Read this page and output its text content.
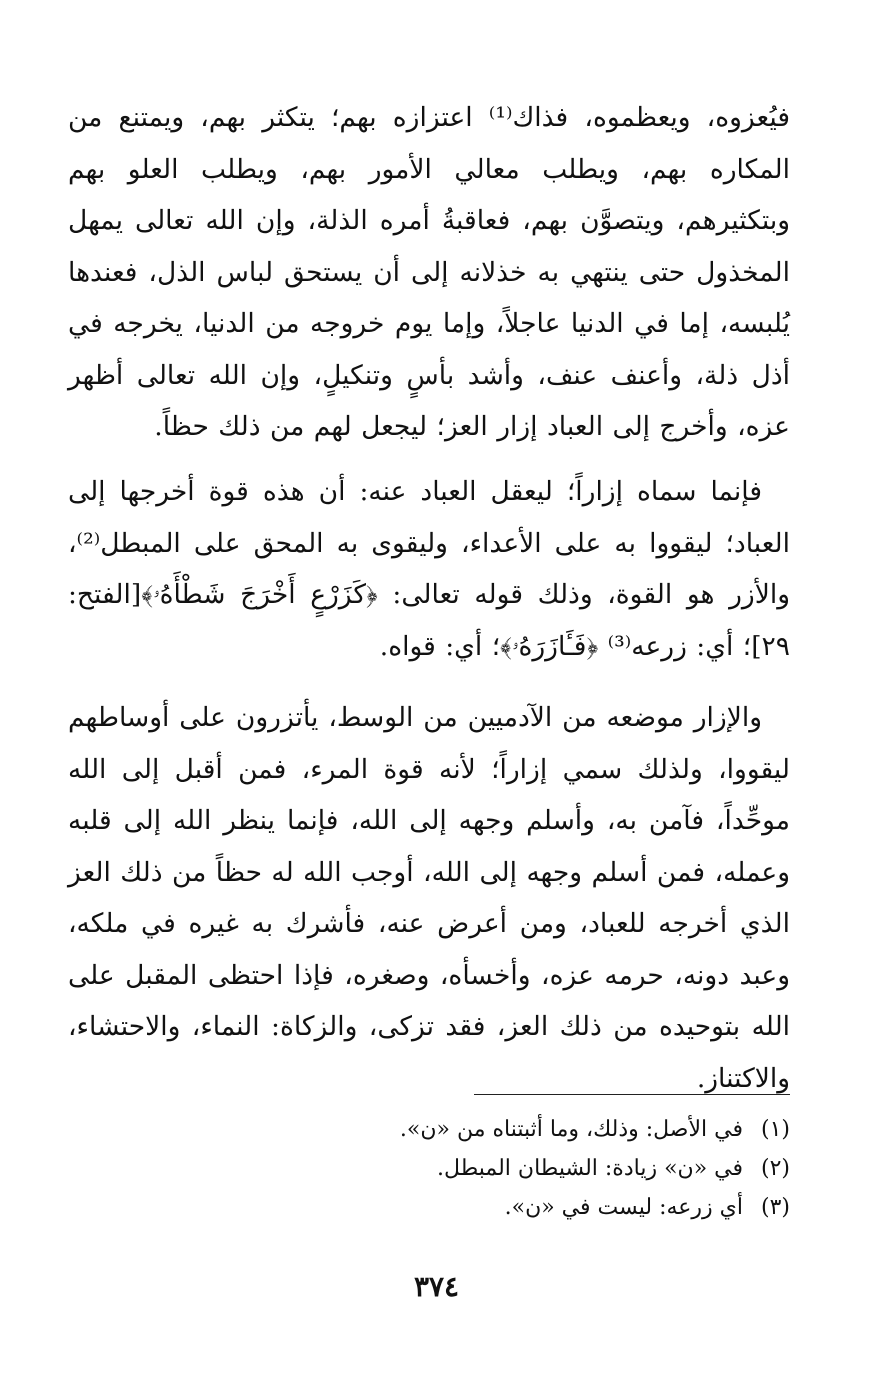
فيُعزوه، ويعظموه، فذاك⁽¹⁾ اعتزازه بهم؛ يتكثر بهم، ويمتنع من المكاره بهم، ويطلب معالي الأمور بهم، ويطلب العلو بهم وبتكثيرهم، ويتصوَّن بهم، فعاقبةُ أمره الذلة، وإن الله تعالى يمهل المخذول حتى ينتهي به خذلانه إلى أن يستحق لباس الذل، فعندها يُلبسه، إما في الدنيا عاجلاً، وإما يوم خروجه من الدنيا، يخرجه في أذل ذلة، وأعنف عنف، وأشد بأسٍ وتنكيلٍ، وإن الله تعالى أظهر عزه، وأخرج إلى العباد إزار العز؛ ليجعل لهم من ذلك حظاً.

فإنما سماه إزاراً؛ ليعقل العباد عنه: أن هذه قوة أخرجها إلى العباد؛ ليقووا به على الأعداء، وليقوى به المحق على المبطل⁽²⁾، والأزر هو القوة، وذلك قوله تعالى: ﴿كَزَرْعٍ أَخْرَجَ شَطْأَهُۥ﴾[الفتح: ٢٩]؛ أي: زرعه⁽³⁾ ﴿فَـَٔازَرَهُۥ﴾؛ أي: قواه.

والإزار موضعه من الآدميين من الوسط، يأتزرون على أوساطهم ليقووا، ولذلك سمي إزاراً؛ لأنه قوة المرء، فمن أقبل إلى الله موحِّداً، فآمن به، وأسلم وجهه إلى الله، فإنما ينظر الله إلى قلبه وعمله، فمن أسلم وجهه إلى الله، أوجب الله له حظاً من ذلك العز الذي أخرجه للعباد، ومن أعرض عنه، فأشرك به غيره في ملكه، وعبد دونه، حرمه عزه، وأخسأه، وصغره، فإذا احتظى المقبل على الله بتوحيده من ذلك العز، فقد تزكى، والزكاة: النماء، والاحتشاء، والاكتناز.

(١) في الأصل: وذلك، وما أثبتناه من «ن».

(٢) في «ن» زيادة: الشيطان المبطل.

(٣) أي زرعه: ليست في «ن».

٣٧٤
